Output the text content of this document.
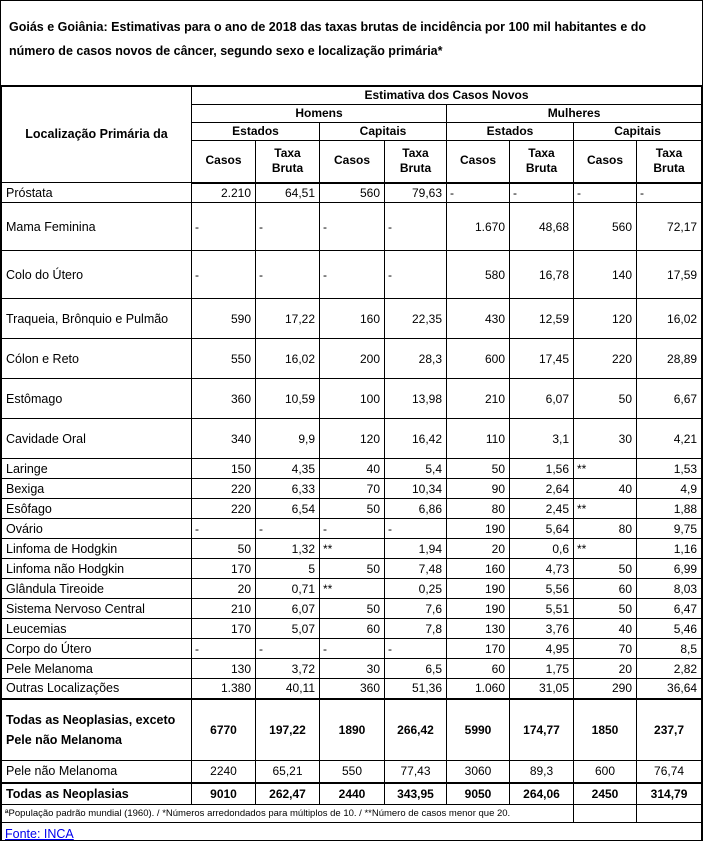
Goiás e Goiânia: Estimativas para o ano de 2018 das taxas brutas de incidência por 100 mil habitantes e do número de casos novos de câncer, segundo sexo e localização primária*
Localização Primária da	Estimativa dos Casos Novos							
	Homens				Mulheres			
	Estados		Capitais		Estados		Capitais	
	Casos	Taxa Bruta	Casos	Taxa Bruta	Casos	Taxa Bruta	Casos	Taxa Bruta
Próstata	2.210	64,51	560	79,63	-	-	-	-
Mama Feminina	-	-	-	-	1.670	48,68	560	72,17
Colo do Útero	-	-	-	-	580	16,78	140	17,59
Traqueia, Brônquio e Pulmão	590	17,22	160	22,35	430	12,59	120	16,02
Cólon e Reto	550	16,02	200	28,3	600	17,45	220	28,89
Estômago	360	10,59	100	13,98	210	6,07	50	6,67
Cavidade Oral	340	9,9	120	16,42	110	3,1	30	4,21
Laringe	150	4,35	40	5,4	50	1,56	**	1,53
Bexiga	220	6,33	70	10,34	90	2,64	40	4,9
Esôfago	220	6,54	50	6,86	80	2,45	**	1,88
Ovário	-	-	-	-	190	5,64	80	9,75
Linfoma de Hodgkin	50	1,32	**	1,94	20	0,6	**	1,16
Linfoma não Hodgkin	170	5	50	7,48	160	4,73	50	6,99
Glândula Tireoide	20	0,71	**	0,25	190	5,56	60	8,03
Sistema Nervoso Central	210	6,07	50	7,6	190	5,51	50	6,47
Leucemias	170	5,07	60	7,8	130	3,76	40	5,46
Corpo do Útero	-	-	-	-	170	4,95	70	8,5
Pele Melanoma	130	3,72	30	6,5	60	1,75	20	2,82
Outras Localizações	1.380	40,11	360	51,36	1.060	31,05	290	36,64
Todas as Neoplasias, exceto Pele não Melanoma	6770	197,22	1890	266,42	5990	174,77	1850	237,7
Pele não Melanoma	2240	65,21	550	77,43	3060	89,3	600	76,74
Todas as Neoplasias	9010	262,47	2440	343,95	9050	264,06	2450	314,79
ªPopulação padrão mundial (1960). / *Números arredondados para múltiplos de 10. / **Número de casos menor que 20.								
Fonte: INCA								
